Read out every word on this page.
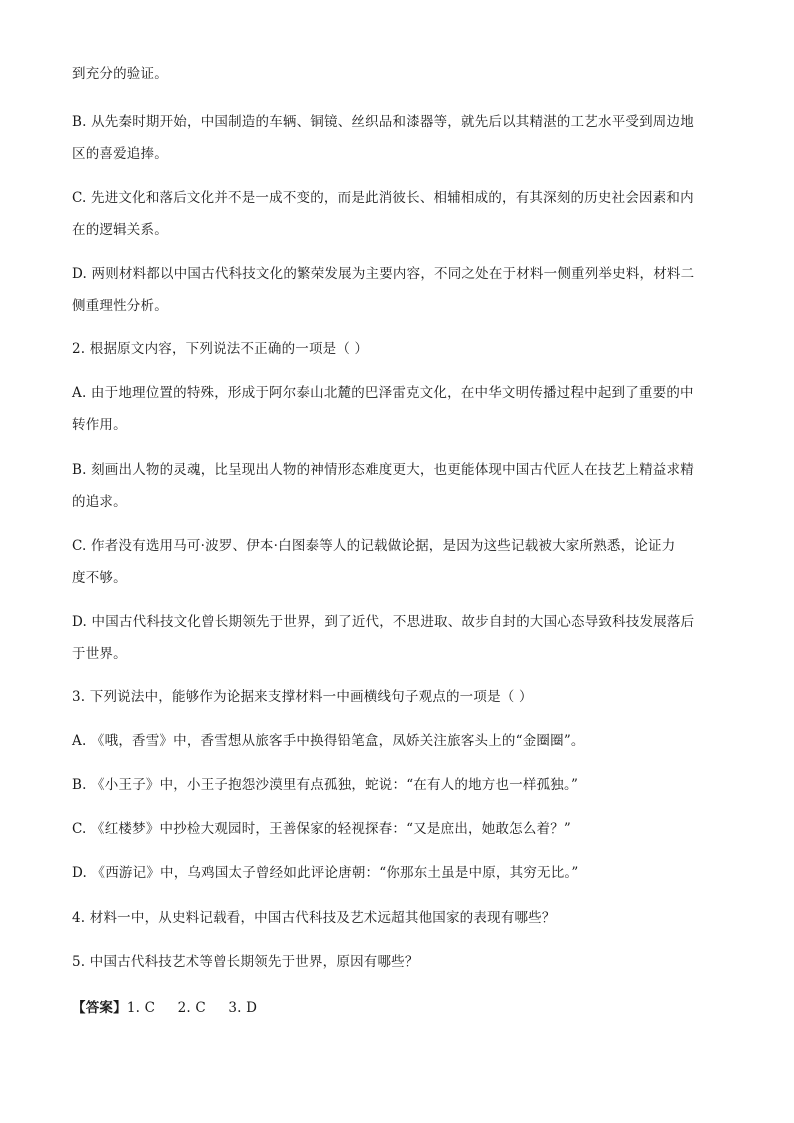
到充分的验证。
B. 从先秦时期开始，中国制造的车辆、铜镜、丝织品和漆器等，就先后以其精湛的工艺水平受到周边地
区的喜爱追捧。
C. 先进文化和落后文化并不是一成不变的，而是此消彼长、相辅相成的，有其深刻的历史社会因素和内
在的逻辑关系。
D. 两则材料都以中国古代科技文化的繁荣发展为主要内容，不同之处在于材料一侧重列举史料，材料二
侧重理性分析。
2. 根据原文内容，下列说法不正确的一项是（ ）
A. 由于地理位置的特殊，形成于阿尔泰山北麓的巴泽雷克文化，在中华文明传播过程中起到了重要的中
转作用。
B. 刻画出人物的灵魂，比呈现出人物的神情形态难度更大，也更能体现中国古代匠人在技艺上精益求精
的追求。
C. 作者没有选用马可·波罗、伊本·白图泰等人的记载做论据，是因为这些记载被大家所熟悉，论证力
度不够。
D. 中国古代科技文化曾长期领先于世界，到了近代，不思进取、故步自封的大国心态导致科技发展落后
于世界。
3. 下列说法中，能够作为论据来支撑材料一中画横线句子观点的一项是（ ）
A. 《哦，香雪》中，香雪想从旅客手中换得铅笔盒，凤娇关注旅客头上的“金圈圈”。
B. 《小王子》中，小王子抱怨沙漠里有点孤独，蛇说：“在有人的地方也一样孤独。”
C. 《红楼梦》中抄检大观园时，王善保家的轻视探春：“又是庶出，她敢怎么着？”
D. 《西游记》中，乌鸡国太子曾经如此评论唐朝：“你那东土虽是中原，其穷无比。”
4. 材料一中，从史料记载看，中国古代科技及艺术远超其他国家的表现有哪些？
5. 中国古代科技艺术等曾长期领先于世界，原因有哪些？
【答案】1. C     2. C     3. D
